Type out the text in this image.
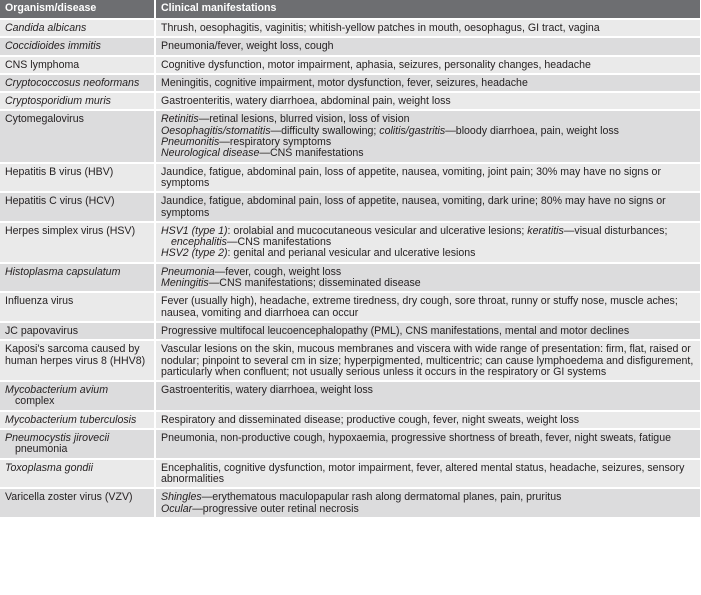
Organism/disease	Clinical manifestations
Candida albicans	Thrush, oesophagitis, vaginitis; whitish-yellow patches in mouth, oesophagus, GI tract, vagina
Coccidioides immitis	Pneumonia/fever, weight loss, cough
CNS lymphoma	Cognitive dysfunction, motor impairment, aphasia, seizures, personality changes, headache
Cryptococcosus neoformans	Meningitis, cognitive impairment, motor dysfunction, fever, seizures, headache
Cryptosporidium muris	Gastroenteritis, watery diarrhoea, abdominal pain, weight loss
Cytomegalovirus	Retinitis—retinal lesions, blurred vision, loss of vision
Oesophagitis/stomatitis—difficulty swallowing; colitis/gastritis—bloody diarrhoea, pain, weight loss
Pneumonitis—respiratory symptoms
Neurological disease—CNS manifestations

Hepatitis B virus (HBV)	Jaundice, fatigue, abdominal pain, loss of appetite, nausea, vomiting, joint pain; 30% may have no signs or symptoms
Hepatitis C virus (HCV)	Jaundice, fatigue, abdominal pain, loss of appetite, nausea, vomiting, dark urine; 80% may have no signs or symptoms
Herpes simplex virus (HSV)	HSV1 (type 1): orolabial and mucocutaneous vesicular and ulcerative lesions; keratitis—visual disturbances;
encephalitis—CNS manifestations
HSV2 (type 2): genital and perianal vesicular and ulcerative lesions

Histoplasma capsulatum	Pneumonia—fever, cough, weight loss
Meningitis—CNS manifestations; disseminated disease

Influenza virus	Fever (usually high), headache, extreme tiredness, dry cough, sore throat, runny or stuffy nose, muscle aches; nausea, vomiting and diarrhoea can occur
JC papovavirus	Progressive multifocal leucoencephalopathy (PML), CNS manifestations, mental and motor declines
Kaposi's sarcoma caused by human herpes virus 8 (HHV8)	Vascular lesions on the skin, mucous membranes and viscera with wide range of presentation: firm, flat, raised or nodular; pinpoint to several cm in size; hyperpigmented, multicentric; can cause lymphoedema and disfigurement, particularly when confluent; not usually serious unless it occurs in the respiratory or GI systems
Mycobacterium avium
complex	Gastroenteritis, watery diarrhoea, weight loss
Mycobacterium tuberculosis	Respiratory and disseminated disease; productive cough, fever, night sweats, weight loss
Pneumocystis jirovecii
pneumonia	Pneumonia, non-productive cough, hypoxaemia, progressive shortness of breath, fever, night sweats, fatigue
Toxoplasma gondii	Encephalitis, cognitive dysfunction, motor impairment, fever, altered mental status, headache, seizures, sensory abnormalities
Varicella zoster virus (VZV)	Shingles—erythematous maculopapular rash along dermatomal planes, pain, pruritus
Ocular—progressive outer retinal necrosis
